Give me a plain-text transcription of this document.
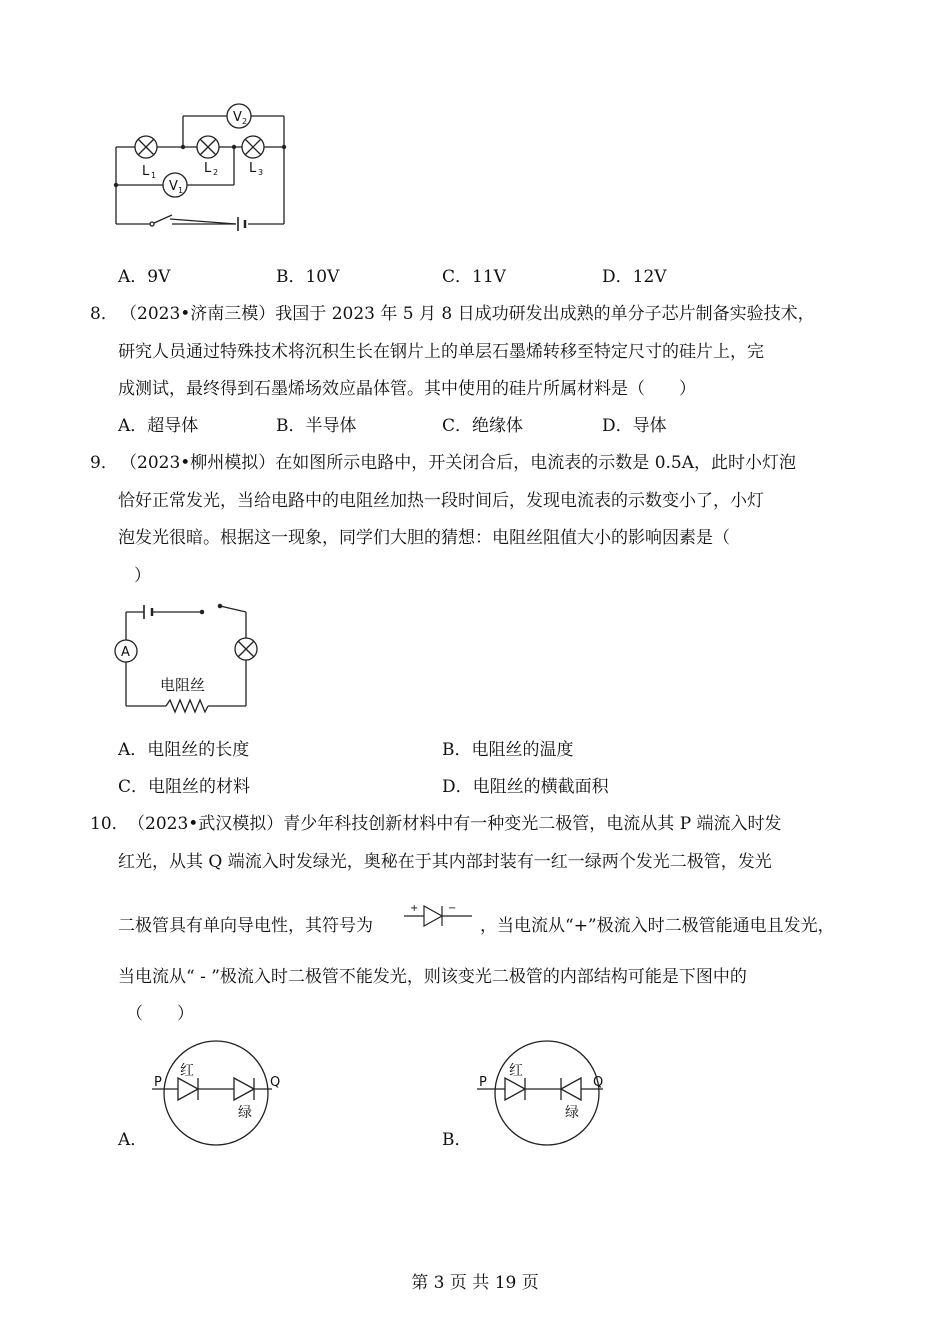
L 1	L 2 L 3
V 2
V 1
A．9V	B．10V	C．11V	D．12V
8． （2023•济南三模）我国于 2023 年 5 月 8 日成功研发出成熟的单分子芯片制备实验技术，
研究人员通过特殊技术将沉积生长在钢片上的单层石墨烯转移至特定尺寸的硅片上，完
成测试，最终得到石墨烯场效应晶体管。其中使用的硅片所属材料是（　　）
A．超导体	B．半导体	C．绝缘体	D．导体
9． （2023•柳州模拟）在如图所示电路中，开关闭合后，电流表的示数是 0.5A，此时小灯泡
恰好正常发光，当给电路中的电阻丝加热一段时间后，发现电流表的示数变小了，小灯
泡发光很暗。根据这一现象，同学们大胆的猜想：电阻丝阻值大小的影响因素是（
）
A
电阻丝
A．电阻丝的长度	B．电阻丝的温度
C．电阻丝的材料	D．电阻丝的横截面积
10． （2023•武汉模拟）青少年科技创新材料中有一种变光二极管，电流从其 P 端流入时发
红光，从其 Q 端流入时发绿光，奥秘在于其内部封装有一红一绿两个发光二极管，发光
二极管具有单向导电性，其符号为
+	−
，当电流从“+”极流入时二极管能通电且发光，
当电流从“ - ”极流入时二极管不能发光，则该变光二极管的内部结构可能是下图中的
（　　）
P	Q
红
绿
A．
P	Q
红
绿
B．
第 3 页 共 19 页
